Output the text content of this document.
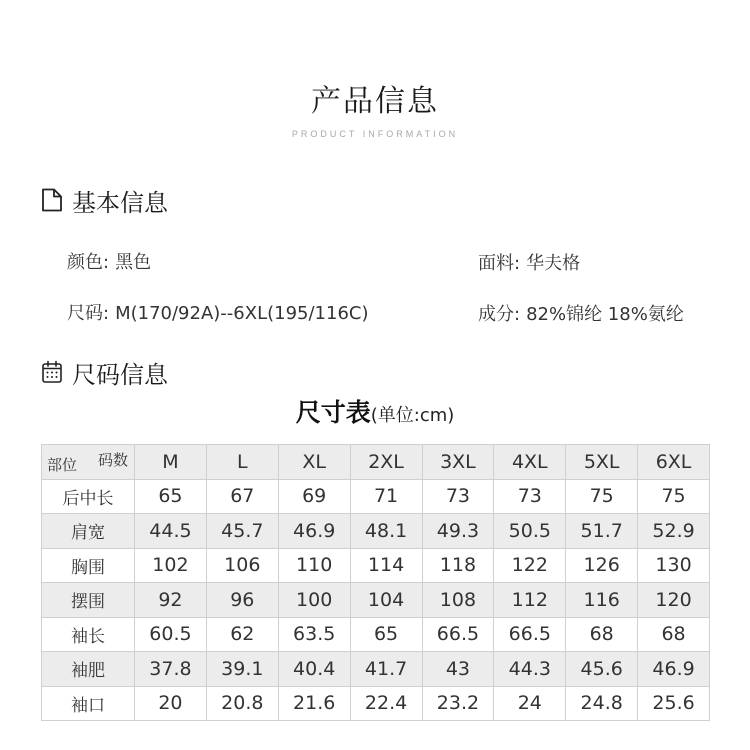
产品信息
PRODUCT INFORMATION
基本信息
颜色: 黑色	面料: 华夫格
尺码: M(170/92A)--6XL(195/116C)	成分: 82%锦纶 18%氨纶
尺码信息
尺寸表(单位:cm)
码数
部位	M	L	XL	2XL	3XL	4XL	5XL	6XL
后中长	65	67	69	71	73	73	75	75
肩宽	44.5	45.7	46.9	48.1	49.3	50.5	51.7	52.9
胸围	102	106	110	114	118	122	126	130
摆围	92	96	100	104	108	112	116	120
袖长	60.5	62	63.5	65	66.5	66.5	68	68
袖肥	37.8	39.1	40.4	41.7	43	44.3	45.6	46.9
袖口	20	20.8	21.6	22.4	23.2	24	24.8	25.6
